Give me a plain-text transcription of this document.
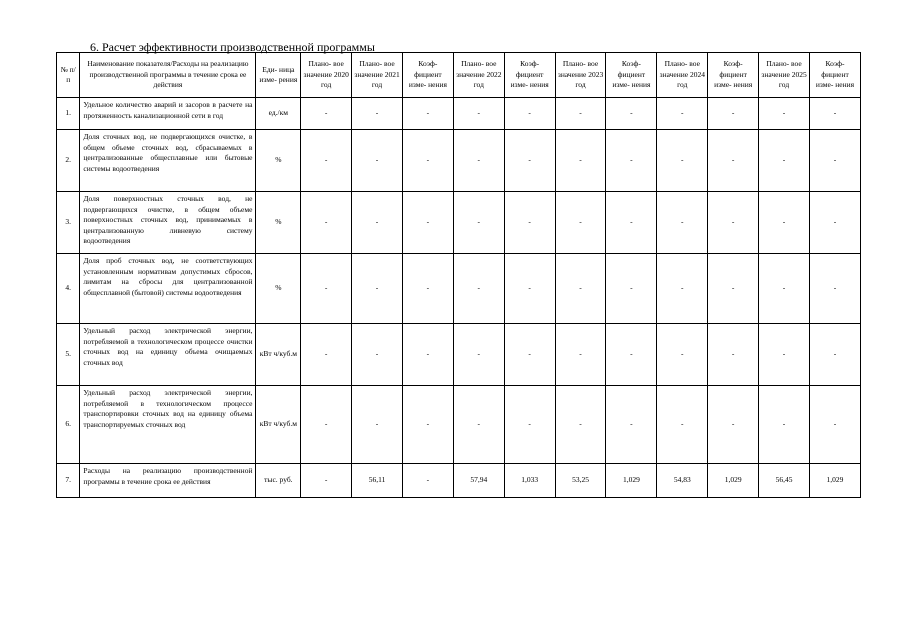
6. Расчет эффективности производственной программы
№ п/п	Наименование показателя/Расходы на реализацию производственной программы в течение срока ее действия	Еди- ница изме- рения	Плано- вое значение 2020 год	Плано- вое значение 2021 год	Коэф- фициент изме- нения	Плано- вое значение 2022 год	Коэф- фициент изме- нения	Плано- вое значение 2023 год	Коэф- фициент изме- нения	Плано- вое значение 2024 год	Коэф- фициент изме- нения	Плано- вое значение 2025 год	Коэф- фициент изме- нения
1.	Удельное количество аварий и засоров в расчете на протяженность канализационной сети в год	ед./км	-	-	-	-	-	-	-	-	-	-	-
2.	Доля сточных вод, не подвергающихся очистке, в общем объеме сточных вод, сбрасываемых в централизованные общесплавные или бытовые системы водоотведения	%	-	-	-	-	-	-	-	-	-	-	-
3.	Доля поверхностных сточных вод, не подвергающихся очистке, в общем объеме поверхностных сточных вод, принимаемых в централизованную ливневую систему водоотведения	%	-	-	-	-	-	-	-	-	-	-	-
4.	Доля проб сточных вод, не соответствующих установленным нормативам допустимых сбросов, лимитам на сбросы для централизованной общесплавной (бытовой) системы водоотведения	%	-	-	-	-	-	-	-	-	-	-	-
5.	Удельный расход электрической энергии, потребляемой в технологическом процессе очистки сточных вод на единицу объема очищаемых сточных вод	кВт ч/куб.м	-	-	-	-	-	-	-	-	-	-	-
6.	Удельный расход электрической энергии, потребляемой в технологическом процессе транспортировки сточных вод на единицу объема транспортируемых сточных вод	кВт ч/куб.м	-	-	-	-	-	-	-	-	-	-	-
7.	Расходы на реализацию производственной программы в течение срока ее действия	тыс. руб.	-	56,11	-	57,94	1,033	53,25	1,029	54,83	1,029	56,45	1,029
